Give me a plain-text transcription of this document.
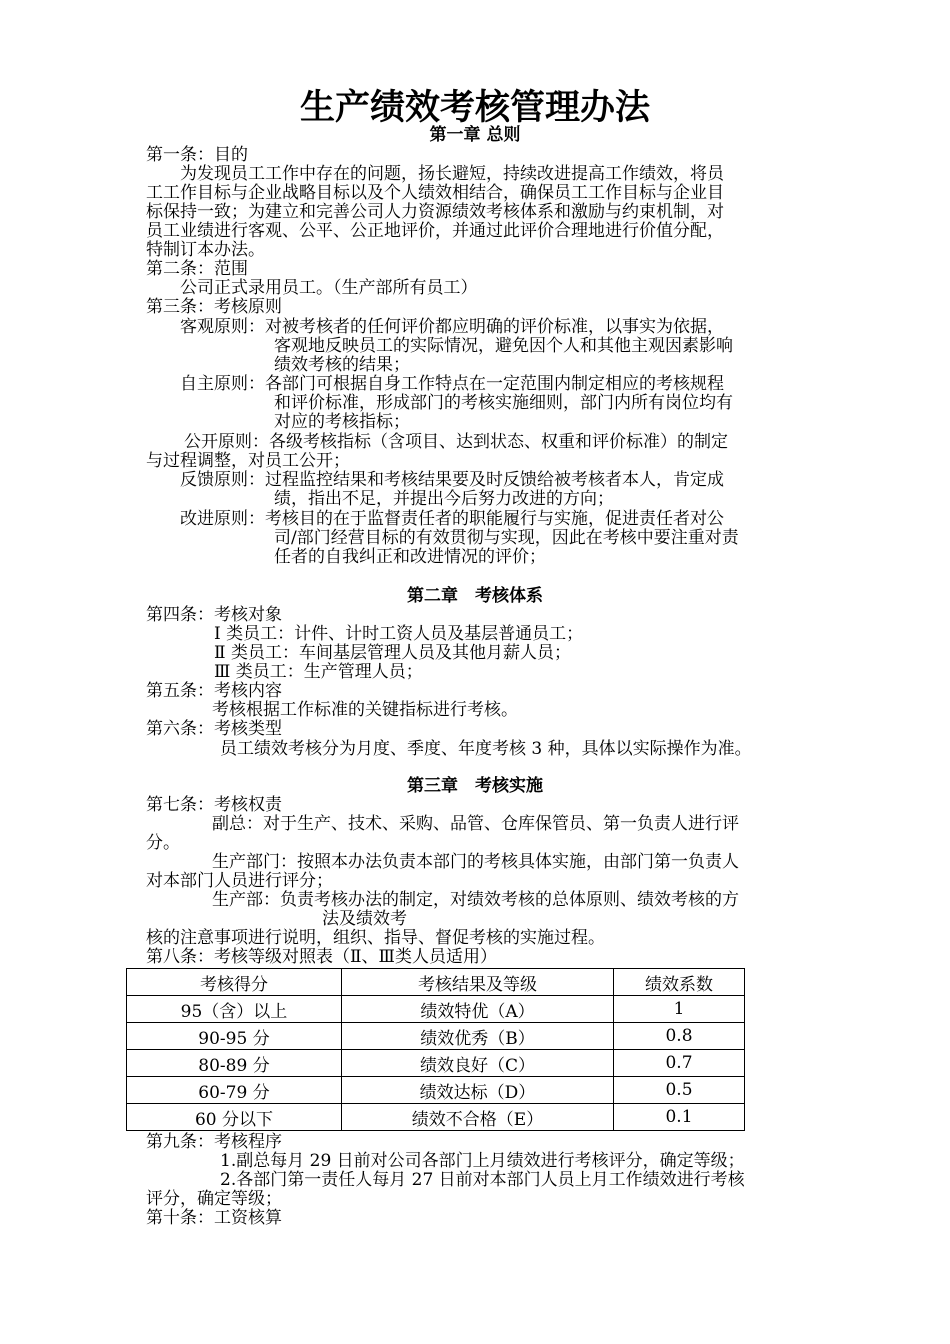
生产绩效考核管理办法
第一章 总则
第一条：目的
为发现员工工作中存在的问题，扬长避短，持续改进提高工作绩效，将员
工工作目标与企业战略目标以及个人绩效相结合，确保员工工作目标与企业目
标保持一致；为建立和完善公司人力资源绩效考核体系和激励与约束机制，对
员工业绩进行客观、公平、公正地评价，并通过此评价合理地进行价值分配，
特制订本办法。
第二条：范围
公司正式录用员工。（生产部所有员工）
第三条：考核原则
客观原则：对被考核者的任何评价都应明确的评价标准，以事实为依据，
客观地反映员工的实际情况，避免因个人和其他主观因素影响
绩效考核的结果；
自主原则：各部门可根据自身工作特点在一定范围内制定相应的考核规程
和评价标准，形成部门的考核实施细则，部门内所有岗位均有
对应的考核指标；
公开原则：各级考核指标（含项目、达到状态、权重和评价标准）的制定
与过程调整，对员工公开；
反馈原则：过程监控结果和考核结果要及时反馈给被考核者本人，肯定成
绩，指出不足，并提出今后努力改进的方向；
改进原则：考核目的在于监督责任者的职能履行与实施，促进责任者对公
司/部门经营目标的有效贯彻与实现，因此在考核中要注重对责
任者的自我纠正和改进情况的评价；
第二章　考核体系
第四条：考核对象
Ⅰ 类员工：计件、计时工资人员及基层普通员工；
Ⅱ 类员工：车间基层管理人员及其他月薪人员；
Ⅲ 类员工：生产管理人员；
第五条：考核内容
考核根据工作标准的关键指标进行考核。
第六条：考核类型
员工绩效考核分为月度、季度、年度考核 3 种，具体以实际操作为准。
第三章　考核实施
第七条：考核权责
副总：对于生产、技术、采购、品管、仓库保管员、第一负责人进行评
分。
生产部门：按照本办法负责本部门的考核具体实施，由部门第一负责人
对本部门人员进行评分；
生产部：负责考核办法的制定，对绩效考核的总体原则、绩效考核的方
法及绩效考
核的注意事项进行说明，组织、指导、督促考核的实施过程。
第八条：考核等级对照表（Ⅱ、Ⅲ类人员适用）
考核得分	考核结果及等级	绩效系数
95（含）以上	绩效特优（A）	1
90-95 分	绩效优秀（B）	0.8
80-89 分	绩效良好（C）	0.7
60-79 分	绩效达标（D）	0.5
60 分以下	绩效不合格（E）	0.1
第九条：考核程序
1.副总每月 29 日前对公司各部门上月绩效进行考核评分，确定等级；
2.各部门第一责任人每月 27 日前对本部门人员上月工作绩效进行考核
评分，确定等级；
第十条：工资核算
